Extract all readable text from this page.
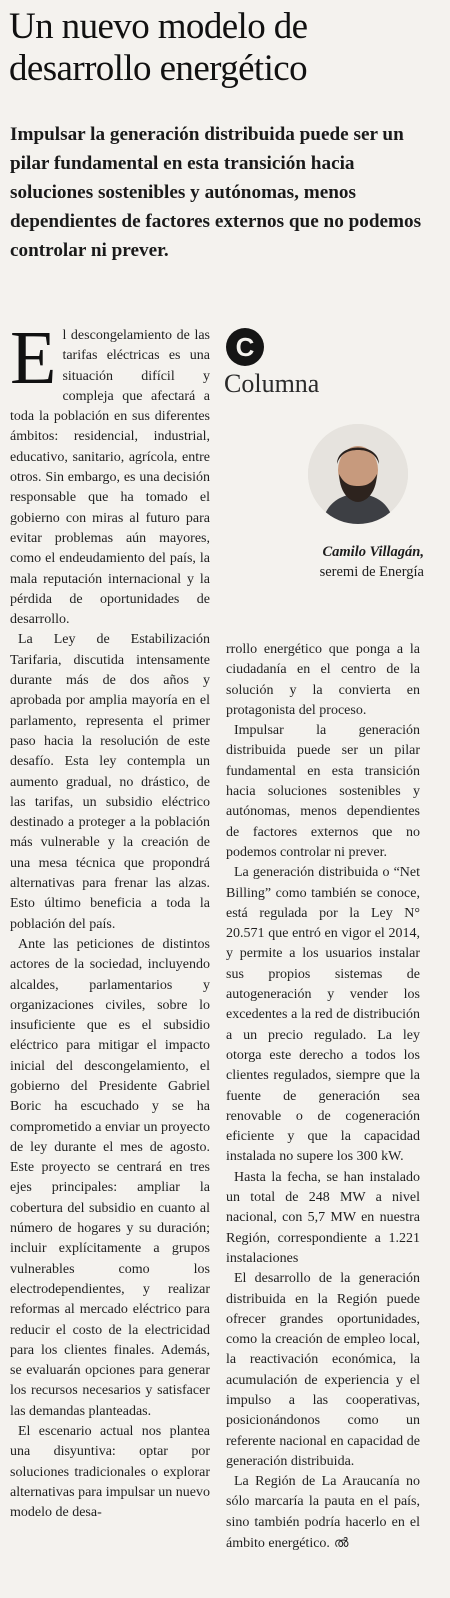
Un nuevo modelo de
desarrollo energético

Impulsar la generación distribuida puede ser un pilar fundamental en esta transición hacia soluciones sostenibles y autónomas, menos dependientes de factores externos que no podemos controlar ni prever.

El descongelamiento de las tarifas eléctricas es una situación difícil y compleja que afectará a toda la población en sus diferentes ámbitos: residencial, industrial, educativo, sanitario, agrícola, entre otros. Sin embargo, es una decisión responsable que ha tomado el gobierno con miras al futuro para evitar problemas aún mayores, como el endeudamiento del país, la mala reputación internacional y la pérdida de oportunidades de desarrollo.

La Ley de Estabilización Tarifaria, discutida intensamente durante más de dos años y aprobada por amplia mayoría en el parlamento, representa el primer paso hacia la resolución de este desafío. Esta ley contempla un aumento gradual, no drástico, de las tarifas, un subsidio eléctrico destinado a proteger a la población más vulnerable y la creación de una mesa técnica que propondrá alternativas para frenar las alzas. Esto último beneficia a toda la población del país.

Ante las peticiones de distintos actores de la sociedad, incluyendo alcaldes, parlamentarios y organizaciones civiles, sobre lo insuficiente que es el subsidio eléctrico para mitigar el impacto inicial del descongelamiento, el gobierno del Presidente Gabriel Boric ha escuchado y se ha comprometido a enviar un proyecto de ley durante el mes de agosto. Este proyecto se centrará en tres ejes principales: ampliar la cobertura del subsidio en cuanto al número de hogares y su duración; incluir explícitamente a grupos vulnerables como los electrodependientes, y realizar reformas al mercado eléctrico para reducir el costo de la electricidad para los clientes finales. Además, se evaluarán opciones para generar los recursos necesarios y satisfacer las demandas planteadas.

El escenario actual nos plantea una disyuntiva: optar por soluciones tradicionales o explorar alternativas para impulsar un nuevo modelo de desa-

C
Columna
Camilo Villagán,
seremi de Energía

rrollo energético que ponga a la ciudadanía en el centro de la solución y la convierta en protagonista del proceso.

Impulsar la generación distribuida puede ser un pilar fundamental en esta transición hacia soluciones sostenibles y autónomas, menos dependientes de factores externos que no podemos controlar ni prever.

La generación distribuida o “Net Billing” como también se conoce, está regulada por la Ley N° 20.571 que entró en vigor el 2014, y permite a los usuarios instalar sus propios sistemas de autogeneración y vender los excedentes a la red de distribución a un precio regulado. La ley otorga este derecho a todos los clientes regulados, siempre que la fuente de generación sea renovable o de cogeneración eficiente y que la capacidad instalada no supere los 300 kW.

Hasta la fecha, se han instalado un total de 248 MW a nivel nacional, con 5,7 MW en nuestra Región, correspondiente a 1.221 instalaciones

El desarrollo de la generación distribuida en la Región puede ofrecer grandes oportunidades, como la creación de empleo local, la reactivación económica, la acumulación de experiencia y el impulso a las cooperativas, posicionándonos como un referente nacional en capacidad de generación distribuida.

La Región de La Araucanía no sólo marcaría la pauta en el país, sino también podría hacerlo en el ámbito energético. ൽ
